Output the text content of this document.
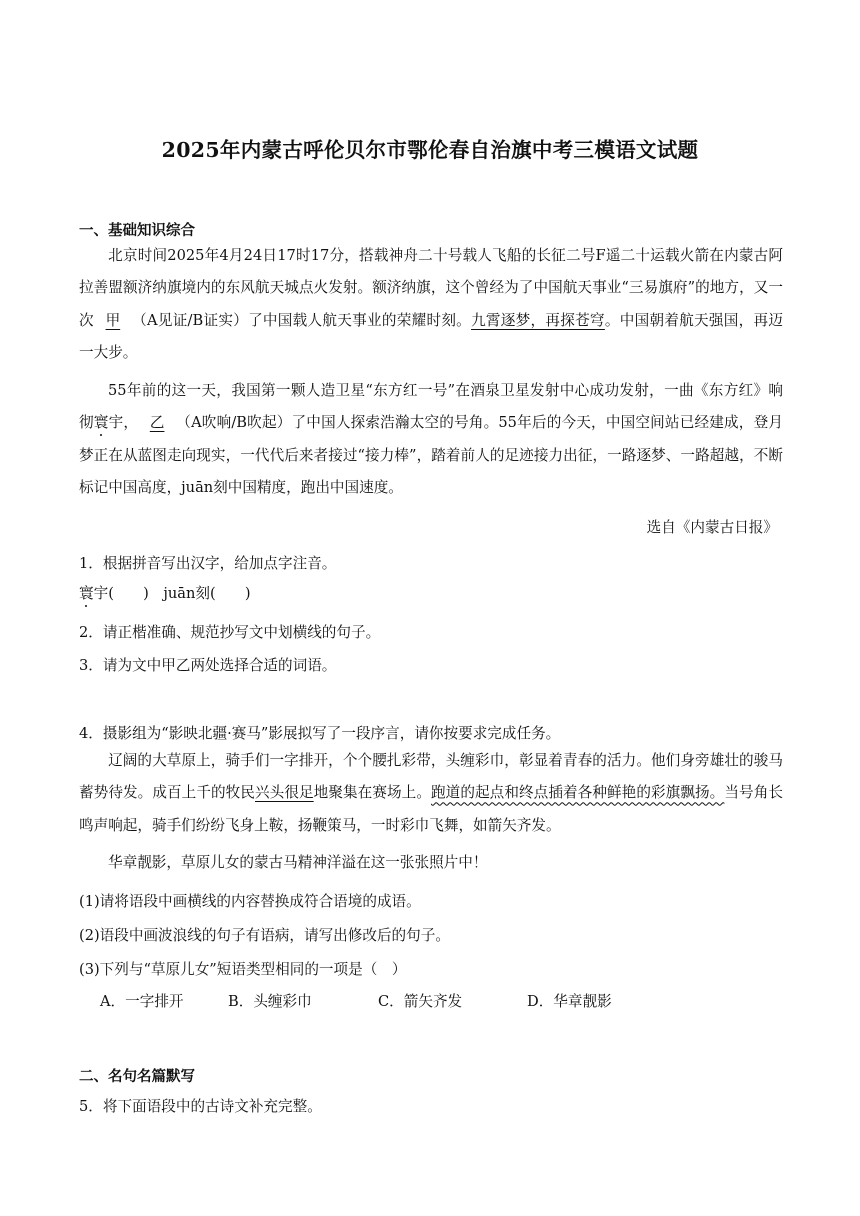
2025年内蒙古呼伦贝尔市鄂伦春自治旗中考三模语文试题
一、基础知识综合
北京时间2025年4月24日17时17分，搭载神舟二十号载人飞船的长征二号F遥二十运载火箭在内蒙古阿拉善盟额济纳旗境内的东风航天城点火发射。额济纳旗，这个曾经为了中国航天事业“三易旗府”的地方，又一次 甲 （A见证/B证实）了中国载人航天事业的荣耀时刻。九霄逐梦，再探苍穹。中国朝着航天强国，再迈一大步。
55年前的这一天，我国第一颗人造卫星“东方红一号”在酒泉卫星发射中心成功发射，一曲《东方红》响彻寰宇， 乙 （A吹响/B吹起）了中国人探索浩瀚太空的号角。55年后的今天，中国空间站已经建成，登月梦正在从蓝图走向现实，一代代后来者接过“接力棒”，踏着前人的足迹接力出征，一路逐梦、一路超越，不断标记中国高度，juān刻中国精度，跑出中国速度。
选自《内蒙古日报》
1．根据拼音写出汉字，给加点字注音。
寰宇(　　)　juān刻(　　)
2．请正楷准确、规范抄写文中划横线的句子。
3．请为文中甲乙两处选择合适的词语。
4．摄影组为“影映北疆·赛马”影展拟写了一段序言，请你按要求完成任务。
辽阔的大草原上，骑手们一字排开，个个腰扎彩带，头缠彩巾，彰显着青春的活力。他们身旁雄壮的骏马蓄势待发。成百上千的牧民兴头很足地聚集在赛场上。跑道的起点和终点插着各种鲜艳的彩旗飘扬。当号角长鸣声响起，骑手们纷纷飞身上鞍，扬鞭策马，一时彩巾飞舞，如箭矢齐发。
华章靓影，草原儿女的蒙古马精神洋溢在这一张张照片中！
(1)请将语段中画横线的内容替换成符合语境的成语。
(2)语段中画波浪线的句子有语病，请写出修改后的句子。
(3)下列与“草原儿女”短语类型相同的一项是（　）
A．一字排开	B．头缠彩巾	C．箭矢齐发	D．华章靓影
二、名句名篇默写
5．将下面语段中的古诗文补充完整。
